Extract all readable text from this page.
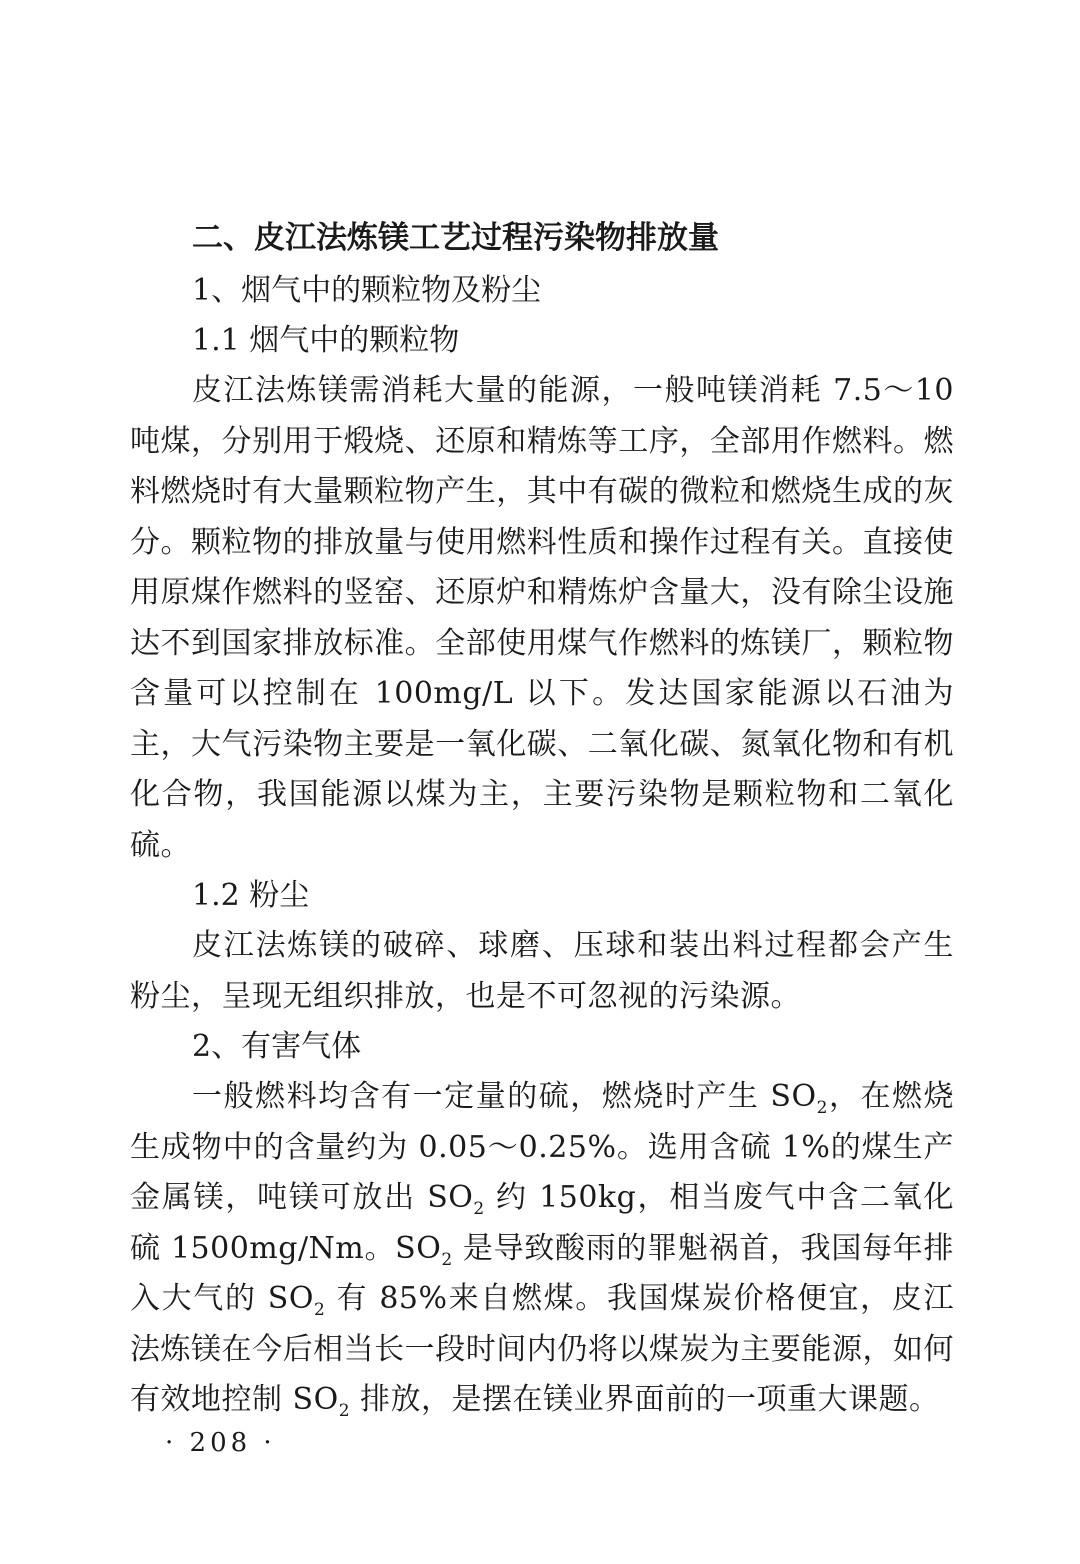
二、皮江法炼镁工艺过程污染物排放量

1、烟气中的颗粒物及粉尘

1.1 烟气中的颗粒物

皮江法炼镁需消耗大量的能源，一般吨镁消耗 7.5～10 吨煤，分别用于煅烧、还原和精炼等工序，全部用作燃料。燃料燃烧时有大量颗粒物产生，其中有碳的微粒和燃烧生成的灰分。颗粒物的排放量与使用燃料性质和操作过程有关。直接使用原煤作燃料的竖窑、还原炉和精炼炉含量大，没有除尘设施达不到国家排放标准。全部使用煤气作燃料的炼镁厂，颗粒物含量可以控制在 100mg/L 以下。发达国家能源以石油为主，大气污染物主要是一氧化碳、二氧化碳、氮氧化物和有机化合物，我国能源以煤为主，主要污染物是颗粒物和二氧化硫。

1.2 粉尘

皮江法炼镁的破碎、球磨、压球和装出料过程都会产生粉尘，呈现无组织排放，也是不可忽视的污染源。

2、有害气体

一般燃料均含有一定量的硫，燃烧时产生 $SO_2$，在燃烧生成物中的含量约为 0.05～0.25%。选用含硫 1%的煤生产金属镁，吨镁可放出 $SO_2$ 约 150kg，相当废气中含二氧化硫 1500mg/Nm。$SO_2$ 是导致酸雨的罪魁祸首，我国每年排入大气的 $SO_2$ 有 85%来自燃煤。我国煤炭价格便宜，皮江法炼镁在今后相当长一段时间内仍将以煤炭为主要能源，如何有效地控制 $SO_2$ 排放，是摆在镁业界面前的一项重大课题。

· 208 ·
